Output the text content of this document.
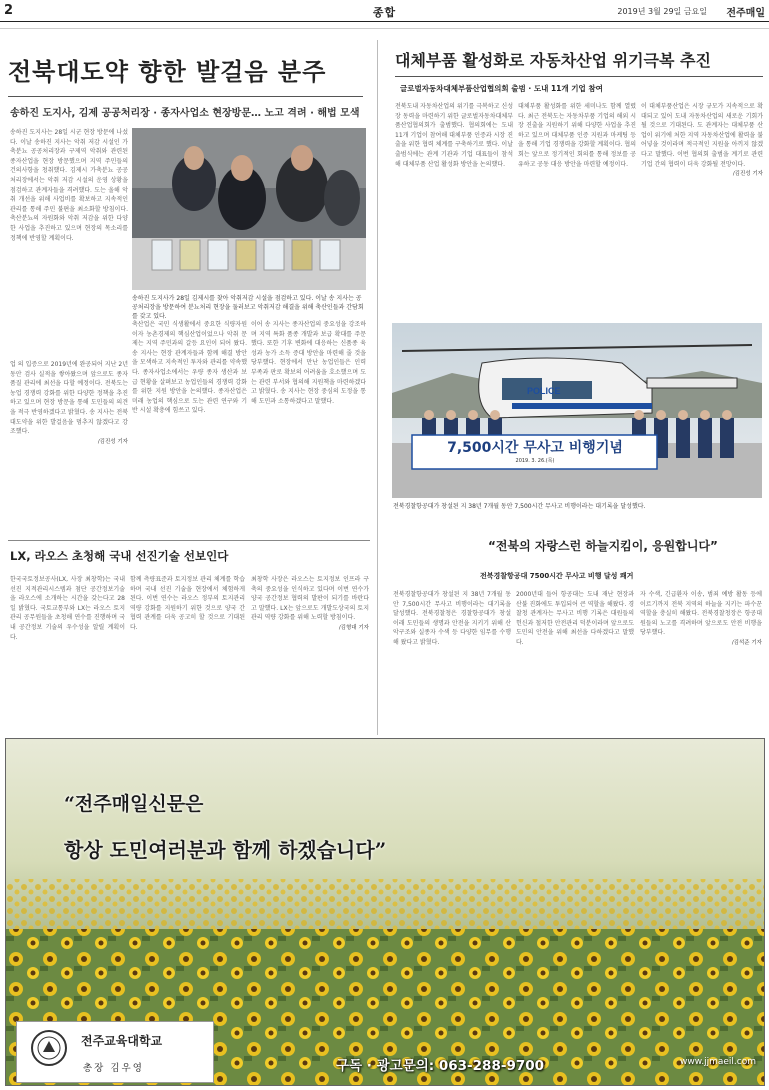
2	종합	2019년 3월 29일 금요일 전주매일
전북대도약 향한 발걸음 분주
송하진 도지사, 김제 공공처리장 · 종자사업소 현장방문… 노고 격려 · 해법 모색
송하진 도지사는 28일 시군 현장 방문에 나섰다. 이날 송하진 지사는 악취 저감 시설인 가축분뇨 공공처리장과 구제역 악취와 관련된 종자산업을 현장 방문했으며 지역 주민들의 건의사항을 청취했다. 김제시 가축분뇨 공공처리장에서는 악취 저감 시설의 운영 상황을 점검하고 관계자들을 격려했다. 도는 올해 악취 개선을 위해 사업비를 확보하고 지속적인 관리를 통해 주민 불편을 최소화할 방침이다. 축산분뇨의 자원화와 악취 저감을 위한 다양한 사업을 추진하고 있으며 현장의 목소리를 정책에 반영할 계획이다.
송하진 도지사가 28일 김제시를 찾아 악취저감 시설을 점검하고 있다. 이날 송 지사는 공공처리장을 방문하여 분뇨처리 현장을 둘러보고 악취저감 해결을 위해 축산인들과 간담회를 갖고 있다.
축산업은 국민 식생활에서 중요한 식량자원이자 농촌경제의 핵심산업이었으나 악취 문제는 지역 주민과의 갈등 요인이 되어 왔다. 송 지사는 현장 관계자들과 함께 해결 방안을 모색하고 지속적인 투자와 관리를 약속했다. 종자사업소에서는 우량 종자 생산과 보급 현황을 살펴보고 농업인들의 경쟁력 강화를 위한 지원 방안을 논의했다. 종자산업은 미래 농업의 핵심으로 도는 관련 연구와 기반 시설 확충에 힘쓰고 있다.
이어 송 지사는 종자산업의 중요성을 강조하며 지역 특화 품종 개발과 보급 확대를 주문했다. 또한 기후 변화에 대응하는 신품종 육성과 농가 소득 증대 방안을 마련해 줄 것을 당부했다. 현장에서 만난 농업인들은 인력 부족과 판로 확보의 어려움을 호소했으며 도는 관련 부서와 협의해 지원책을 마련하겠다고 밝혔다. 송 지사는 현장 중심의 도정을 통해 도민과 소통하겠다고 말했다.
업 의 입증으로 2019년에 완공되어 지난 2년 동안 검사 실적을 쌓아왔으며 앞으로도 종자 품질 관리에 최선을 다할 예정이다. 전북도는 농업 경쟁력 강화를 위한 다양한 정책을 추진하고 있으며 현장 방문을 통해 도민들의 의견을 적극 반영하겠다고 밝혔다. 송 지사는 전북 대도약을 위한 발걸음을 멈추지 않겠다고 강조했다.
/김진성 기자
대체부품 활성화로 자동차산업 위기극복 추진
글로벌자동차대체부품산업협의회 출범 · 도내 11개 기업 참여
전북도내 자동차산업의 위기를 극복하고 신성장 동력을 마련하기 위한 글로벌자동차대체부품산업협의회가 출범했다. 협의회에는 도내 11개 기업이 참여해 대체부품 인증과 시장 진출을 위한 협력 체계를 구축하기로 했다. 이날 출범식에는 관계 기관과 기업 대표들이 참석해 대체부품 산업 활성화 방안을 논의했다.
대체부품 활성화를 위한 세미나도 함께 열렸다. 최근 전북도는 자동차부품 기업의 해외 시장 진출을 지원하기 위해 다양한 사업을 추진하고 있으며 대체부품 인증 지원과 마케팅 등을 통해 기업 경쟁력을 강화할 계획이다. 협의회는 앞으로 정기적인 회의를 통해 정보를 공유하고 공동 대응 방안을 마련할 예정이다.
이 대체부품산업은 시장 규모가 지속적으로 확대되고 있어 도내 자동차산업의 새로운 기회가 될 것으로 기대된다. 도 관계자는 대체부품 산업이 위기에 처한 지역 자동차산업에 활력을 불어넣을 것이라며 적극적인 지원을 아끼지 않겠다고 말했다. 이번 협의회 출범을 계기로 관련 기업 간의 협력이 더욱 강화될 전망이다.
/김진성 기자
POLICE
7,500시간 무사고 비행기념
2019. 3. 26.(목)
전북경찰항공대가 창설된 지 38년 7개월 동안 7,500시간 무사고 비행이라는 대기록을 달성했다.
“전북의 자랑스런 하늘지킴이, 응원합니다”
전북경찰항공대 7500시간 무사고 비행 달성 쾌거
전북경찰항공대가 창설된 지 38년 7개월 동안 7,500시간 무사고 비행이라는 대기록을 달성했다. 전북경찰청은 경찰항공대가 창설 이래 도민들의 생명과 안전을 지키기 위해 산악구조와 실종자 수색 등 다양한 임무를 수행해 왔다고 밝혔다.
2000년대 들어 항공대는 도내 재난 현장과 산불 진화에도 투입되어 큰 역할을 해왔다. 경찰청 관계자는 무사고 비행 기록은 대원들의 헌신과 철저한 안전관리 덕분이라며 앞으로도 도민의 안전을 위해 최선을 다하겠다고 말했다.
자 수색, 긴급환자 이송, 범죄 예방 활동 등에 이르기까지 전북 지역의 하늘을 지키는 파수꾼 역할을 충실히 해왔다. 전북경찰청장은 항공대원들의 노고를 격려하며 앞으로도 안전 비행을 당부했다.
/김석준 기자
LX, 라오스 초청해 국내 선진기술 선보인다
한국국토정보공사(LX, 사장 최창학)는 국내 선진 지적관리시스템과 첨단 공간정보기술을 라오스에 소개하는 시간을 갖는다고 28일 밝혔다. 국토교통부와 LX는 라오스 토지관리 공무원들을 초청해 연수를 진행하며 국내 공간정보 기술의 우수성을 알릴 계획이다.
함께 측량표준과 토지정보 관리 체계를 학습하며 국내 선진 기술을 현장에서 체험하게 된다. 이번 연수는 라오스 정부의 토지관리 역량 강화를 지원하기 위한 것으로 양국 간 협력 관계를 더욱 공고히 할 것으로 기대된다.
최창학 사장은 라오스는 토지정보 인프라 구축의 중요성을 인식하고 있다며 이번 연수가 양국 공간정보 협력의 발판이 되기를 바란다고 말했다. LX는 앞으로도 개발도상국의 토지관리 역량 강화를 위해 노력할 방침이다.
/김형대 기자
“전주매일신문은
항상 도민여러분과 함께 하겠습니다”
전주교육대학교
총장 김우영	구독 · 광고문의: 063-288-9700	www.jjmaeil.com
